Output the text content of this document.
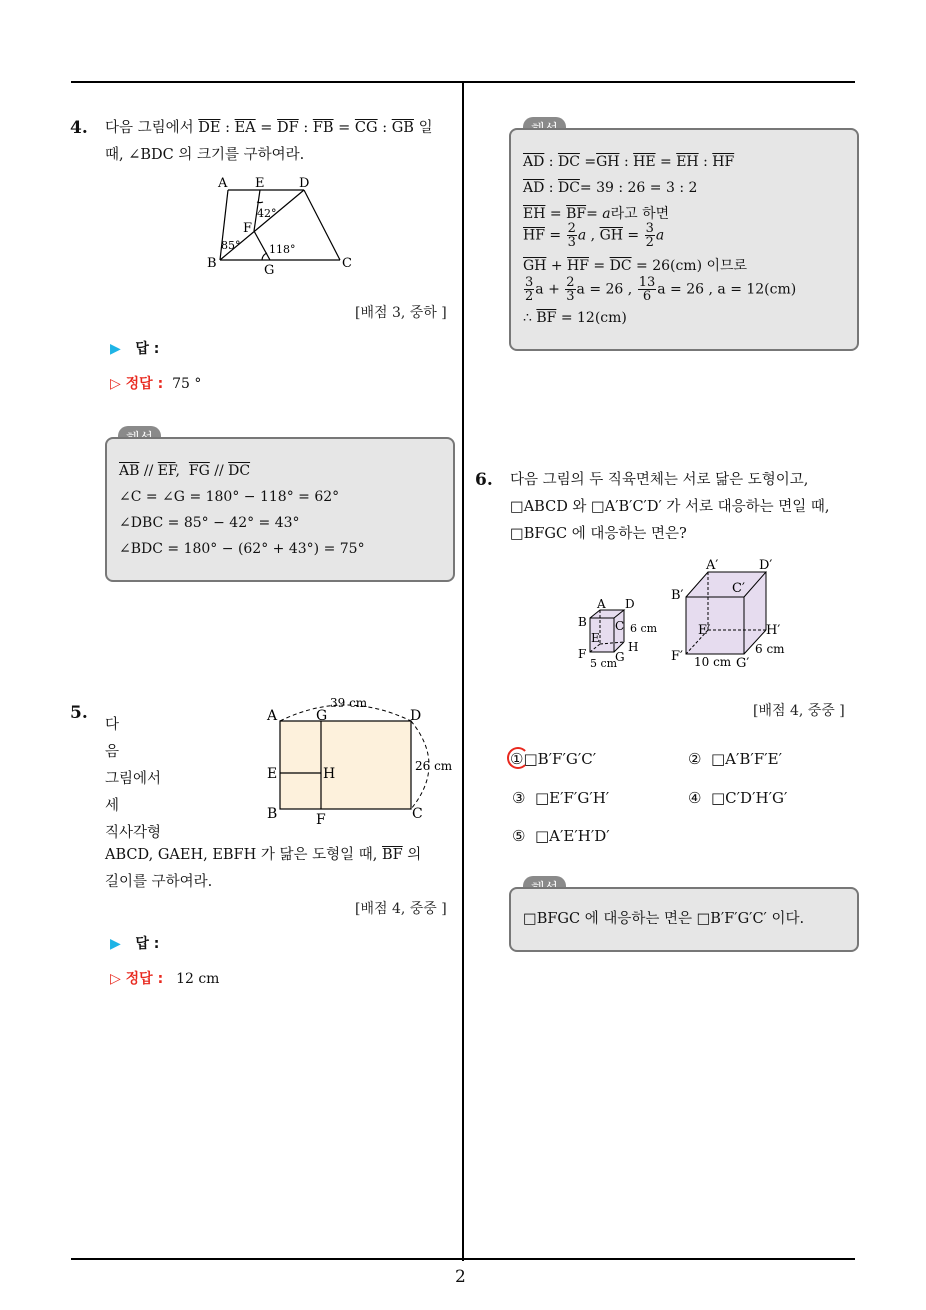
2
4. 다음 그림에서 $\overline{DE}$ : $\overline{EA} = \overline{DF}$ : $\overline{FB} = \overline{CG}$ : $\overline{GB}$ 일
때, ∠BDC 의 크기를 구하여라.
A E	D
F
B	G	C
42°
85°	118°
[배점 3, 중하 ]
▶ 답 :
▷ 정답 : 75 °
$\overline{AB} // \overline{EF}$,  $\overline{FG} // \overline{DC}$
∠C = ∠G = 180° − 118° = 62°
∠DBC = 85° − 42° = 43°
∠BDC = 180° − (62° + 43°) = 75°
5.
다
음
그림에서
세
직사각형
ABCD, GAEH, EBFH 가 닮은 도형일 때, $\overline{BF}$ 의
길이를 구하여라.
A	G	D
E	H
B	F	C
39 cm
26 cm
[배점 4, 중중 ]
▶ 답 :
▷ 정답 : 12 cm
$\overline{AD}$ : $\overline{DC} =\overline{GH}$ : $\overline{HE} = \overline{EH}$ : $\overline{HF}$
$\overline{AD}$ : $\overline{DC}= 39$ : 26 = 3 : 2
$\overline{EH} = \overline{BF}= a$라고 하면
$\overline{HF} = \frac{2}{3}$ a , $\overline{GH} = \frac{3}{2}$ a
$\overline{GH} + \overline{HF} = \overline{DC} = 26(cm)$ 이므로
$\frac{3}{2}$ $a + \frac{2}{3}$ a = 26 , $\frac{13}{6}$ a = 26 , a = 12(cm)
∴ $\overline{BF} = 12(cm)$
6. 다음 그림의 두 직육면체는 서로 닮은 도형이고,
□ABCD 와 □A′B′C′D′ 가 서로 대응하는 면일 때,
□BFGC 에 대응하는 면은?
A D
B C
E
H
F G
6 cm
5 cm
A′	D′
B′	C′
E′	H′
F′	G′
10 cm
6 cm
[배점 4, 중중 ]
①
□B′F′G′C′	② □A′B′F′E′
③ □E′F′G′H′	④ □C′D′H′G′
⑤ □A′E′H′D′
□BFGC 에 대응하는 면은 □B′F′G′C′ 이다.
